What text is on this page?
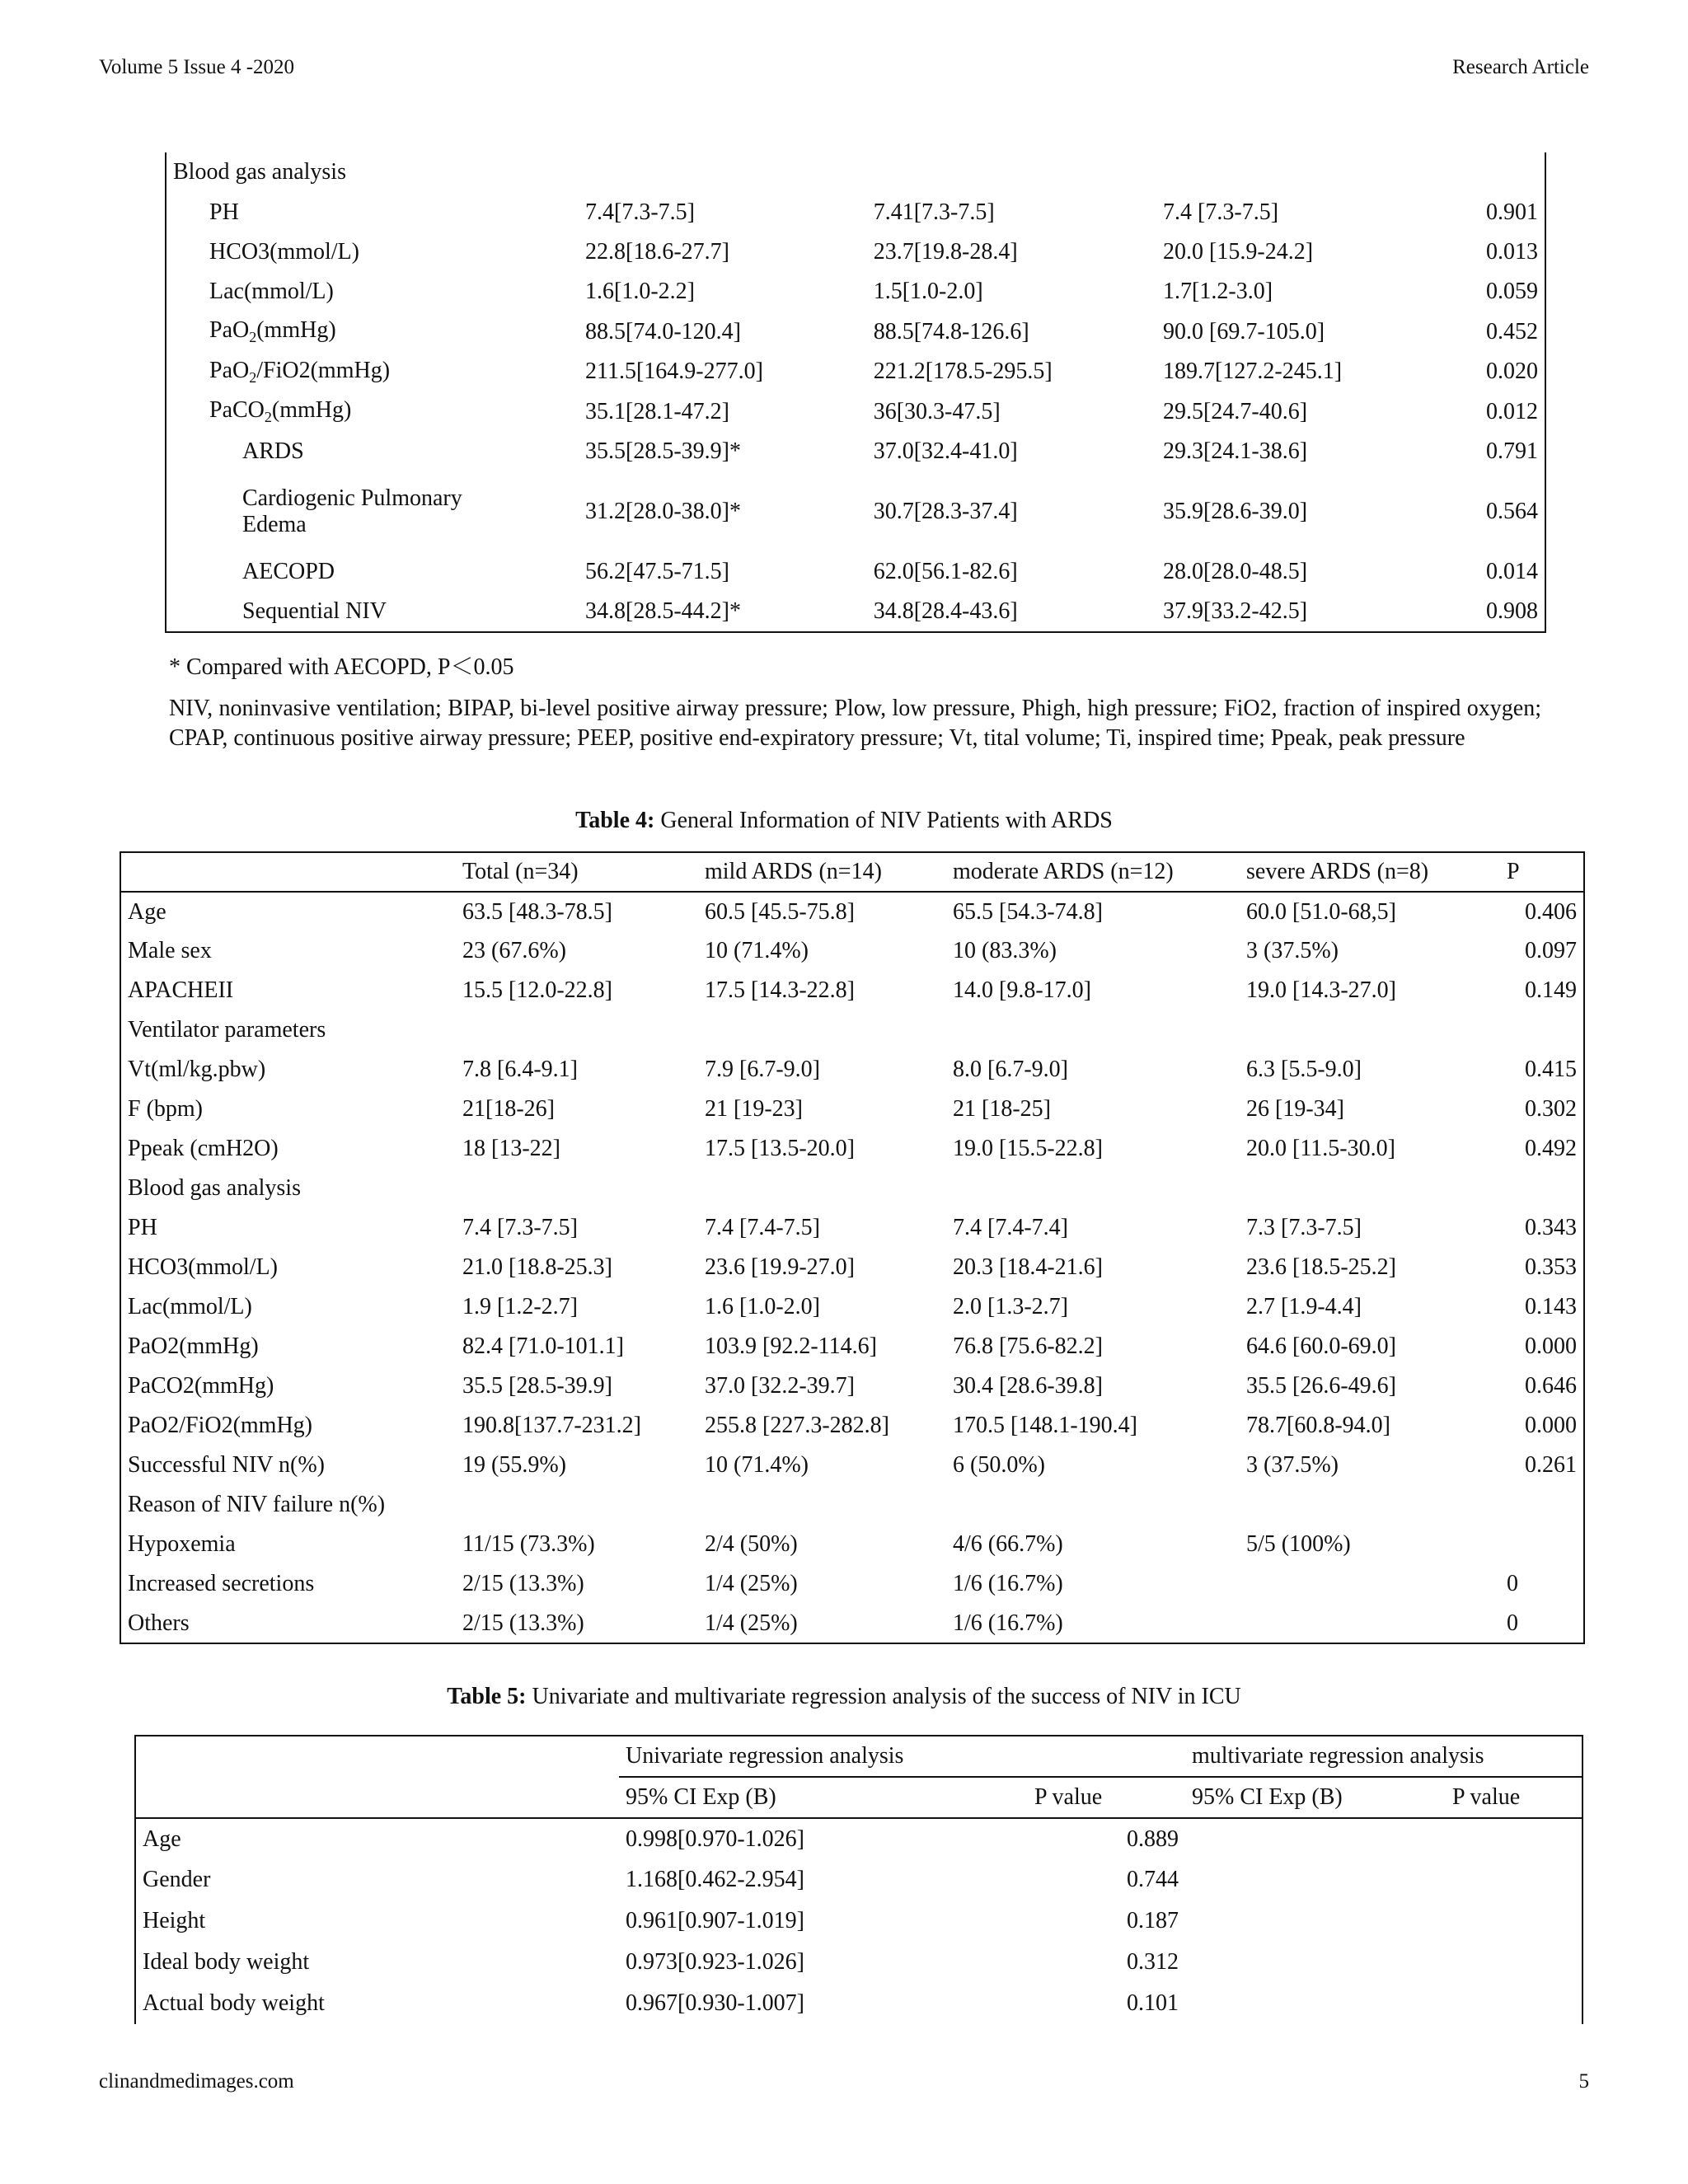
Volume 5 Issue 4 -2020	Research Article
Blood gas analysis				
PH	7.4[7.3-7.5]	7.41[7.3-7.5]	7.4 [7.3-7.5]	0.901
HCO3(mmol/L)	22.8[18.6-27.7]	23.7[19.8-28.4]	20.0 [15.9-24.2]	0.013
Lac(mmol/L)	1.6[1.0-2.2]	1.5[1.0-2.0]	1.7[1.2-3.0]	0.059
PaO$_2$(mmHg)	88.5[74.0-120.4]	88.5[74.8-126.6]	90.0 [69.7-105.0]	0.452
PaO$_2$/FiO2(mmHg)	211.5[164.9-277.0]	221.2[178.5-295.5]	189.7[127.2-245.1]	0.020
PaCO$_2$(mmHg)	35.1[28.1-47.2]	36[30.3-47.5]	29.5[24.7-40.6]	0.012
ARDS	35.5[28.5-39.9]*	37.0[32.4-41.0]	29.3[24.1-38.6]	0.791
Cardiogenic Pulmonary
Edema	31.2[28.0-38.0]*	30.7[28.3-37.4]	35.9[28.6-39.0]	0.564
AECOPD	56.2[47.5-71.5]	62.0[56.1-82.6]	28.0[28.0-48.5]	0.014
Sequential NIV	34.8[28.5-44.2]*	34.8[28.4-43.6]	37.9[33.2-42.5]	0.908
* Compared with AECOPD, P＜0.05
NIV, noninvasive ventilation; BIPAP, bi-level positive airway pressure; Plow, low pressure, Phigh, high pressure; FiO2, fraction of inspired oxygen; CPAP, continuous positive airway pressure; PEEP, positive end-expiratory pressure; Vt, tital volume; Ti, inspired time; Ppeak, peak pressure
Table 4: General Information of NIV Patients with ARDS
	Total (n=34)	mild ARDS (n=14)	moderate ARDS (n=12)	severe ARDS (n=8)	P
Age	63.5 [48.3-78.5]	60.5 [45.5-75.8]	65.5 [54.3-74.8]	60.0 [51.0-68,5]	0.406
Male sex	23 (67.6%)	10 (71.4%)	10 (83.3%)	3 (37.5%)	0.097
APACHEII	15.5 [12.0-22.8]	17.5 [14.3-22.8]	14.0 [9.8-17.0]	19.0 [14.3-27.0]	0.149
Ventilator parameters					
Vt(ml/kg.pbw)	7.8 [6.4-9.1]	7.9 [6.7-9.0]	8.0 [6.7-9.0]	6.3 [5.5-9.0]	0.415
F (bpm)	21[18-26]	21 [19-23]	21 [18-25]	26 [19-34]	0.302
Ppeak (cmH2O)	18 [13-22]	17.5 [13.5-20.0]	19.0 [15.5-22.8]	20.0 [11.5-30.0]	0.492
Blood gas analysis					
PH	7.4 [7.3-7.5]	7.4 [7.4-7.5]	7.4 [7.4-7.4]	7.3 [7.3-7.5]	0.343
HCO3(mmol/L)	21.0 [18.8-25.3]	23.6 [19.9-27.0]	20.3 [18.4-21.6]	23.6 [18.5-25.2]	0.353
Lac(mmol/L)	1.9 [1.2-2.7]	1.6 [1.0-2.0]	2.0 [1.3-2.7]	2.7 [1.9-4.4]	0.143
PaO2(mmHg)	82.4 [71.0-101.1]	103.9 [92.2-114.6]	76.8 [75.6-82.2]	64.6 [60.0-69.0]	0.000
PaCO2(mmHg)	35.5 [28.5-39.9]	37.0 [32.2-39.7]	30.4 [28.6-39.8]	35.5 [26.6-49.6]	0.646
PaO2/FiO2(mmHg)	190.8[137.7-231.2]	255.8 [227.3-282.8]	170.5 [148.1-190.4]	78.7[60.8-94.0]	0.000
Successful NIV n(%)	19 (55.9%)	10 (71.4%)	6 (50.0%)	3 (37.5%)	0.261
Reason of NIV failure n(%)					
Hypoxemia	11/15 (73.3%)	2/4 (50%)	4/6 (66.7%)	5/5 (100%)	
Increased secretions	2/15 (13.3%)	1/4 (25%)	1/6 (16.7%)		0
Others	2/15 (13.3%)	1/4 (25%)	1/6 (16.7%)		0
Table 5: Univariate and multivariate regression analysis of the success of NIV in ICU
	Univariate regression analysis		multivariate regression analysis	
	95% CI Exp (B)	P value	95% CI Exp (B)	P value
Age	0.998[0.970-1.026]	0.889		
Gender	1.168[0.462-2.954]	0.744		
Height	0.961[0.907-1.019]	0.187		
Ideal body weight	0.973[0.923-1.026]	0.312		
Actual body weight	0.967[0.930-1.007]	0.101		
clinandmedimages.com	5
